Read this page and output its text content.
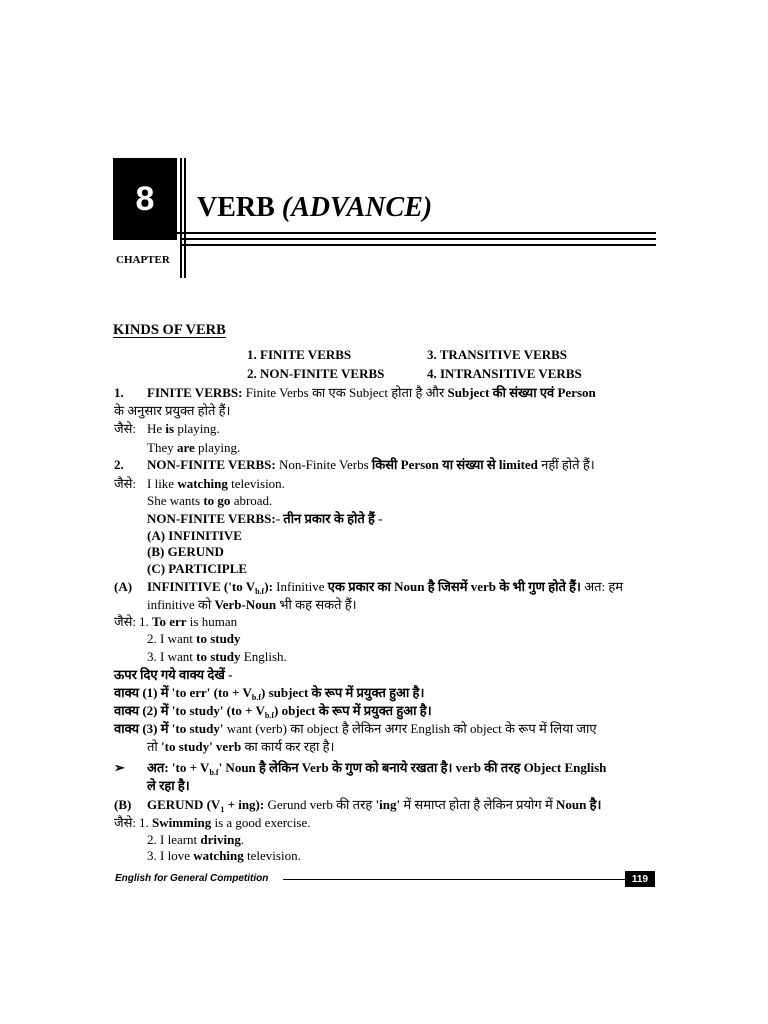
8 VERB (ADVANCE)
CHAPTER
KINDS OF VERB
1. FINITE VERBS	3. TRANSITIVE VERBS
2. NON-FINITE VERBS	4. INTRANSITIVE VERBS
1. FINITE VERBS: Finite Verbs का एक Subject होता है और Subject की संख्या एवं Person
के अनुसार प्रयुक्त होते हैं।
जैसे: He is playing.
They are playing.
2. NON-FINITE VERBS: Non-Finite Verbs किसी Person या संख्या से limited नहीं होते हैं।
जैसे: I like watching television.
She wants to go abroad.
NON-FINITE VERBS:- तीन प्रकार के होते हैं -
(A) INFINITIVE
(B) GERUND
(C) PARTICIPLE
(A) INFINITIVE ('to $V_{b.f}$): Infinitive एक प्रकार का Noun है जिसमें verb के भी गुण होते हैं। अत: हम
infinitive को Verb-Noun भी कह सकते हैं।
जैसे: 1. To err is human
2. I want to study
3. I want to study English.
ऊपर दिए गये वाक्य देखें -
वाक्य (1) में 'to err' $(to + V_{b.f})$ subject के रूप में प्रयुक्त हुआ है।
वाक्य (2) में 'to study' $(to + V_{b.f})$ object के रूप में प्रयुक्त हुआ है।
वाक्य (3) में 'to study' want (verb) का object है लेकिन अगर English को object के रूप में लिया जाए
तो 'to study' verb का कार्य कर रहा है।
➢ अत: 'to + $V_{b.f}'$ Noun है लेकिन Verb के गुण को बनाये रखता है। verb की तरह Object English
ले रहा है।
(B) GERUND $(V_1 + ing)$: Gerund verb की तरह 'ing' में समाप्त होता है लेकिन प्रयोग में Noun है।
जैसे: 1. Swimming is a good exercise.
2. I learnt driving.
3. I love watching television.
English for General Competition	119
